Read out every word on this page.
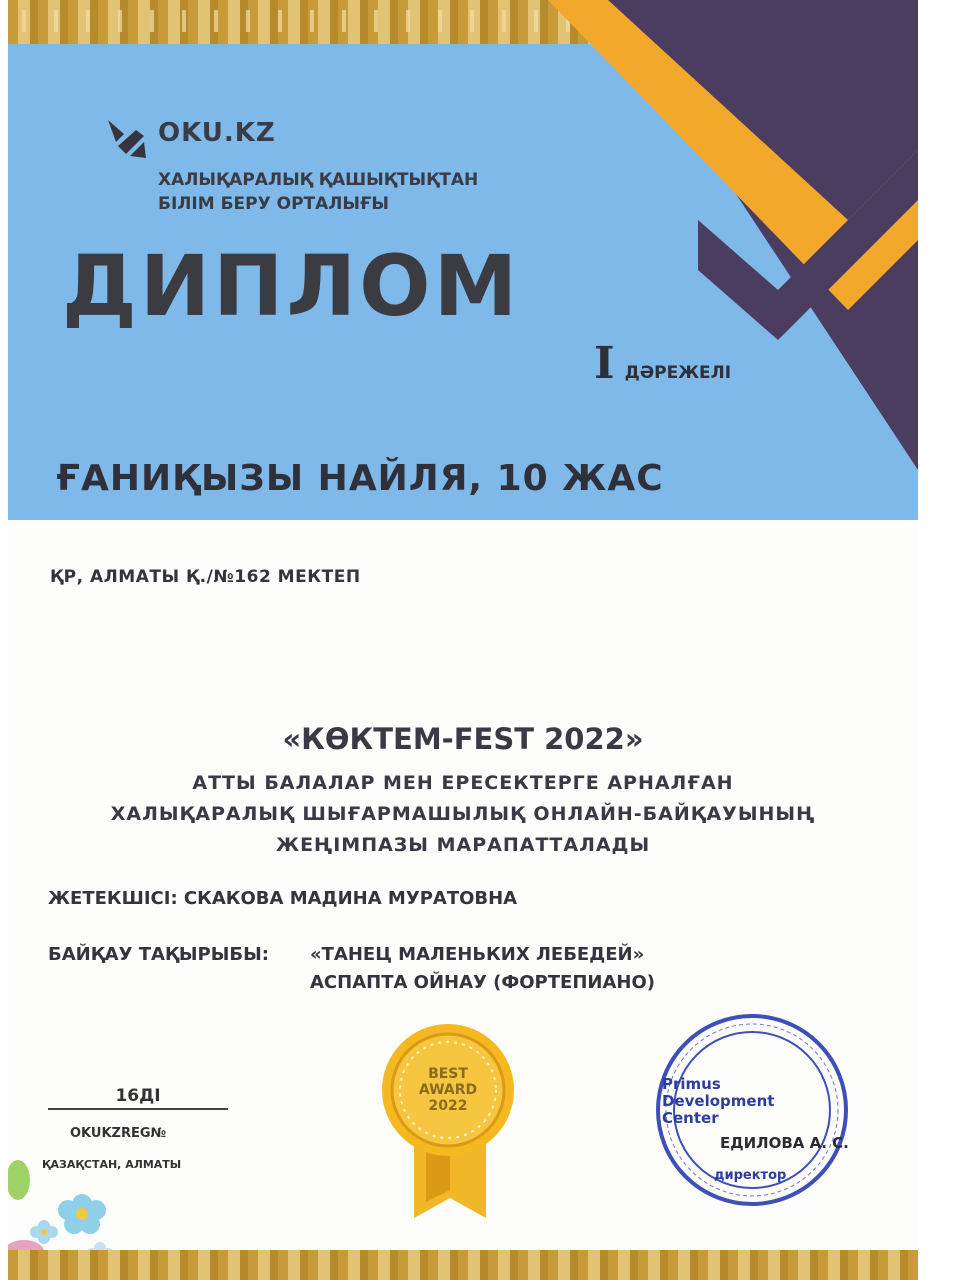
OKU.KZ
ХАЛЫҚАРАЛЫҚ ҚАШЫҚТЫҚТАН
БІЛІМ БЕРУ ОРТАЛЫҒЫ
ДИПЛОМ
IДӘРЕЖЕЛІ
ҒАНИҚЫЗЫ НАЙЛЯ, 10 ЖАС
ҚР, АЛМАТЫ Қ./№162 МЕКТЕП
«КӨКТЕМ-FEST 2022»
АТТЫ БАЛАЛАР МЕН ЕРЕСЕКТЕРГЕ АРНАЛҒАН
ХАЛЫҚАРАЛЫҚ ШЫҒАРМАШЫЛЫҚ ОНЛАЙН-БАЙҚАУЫНЫҢ
ЖЕҢІМПАЗЫ МАРАПАТТАЛАДЫ
ЖЕТЕКШІСІ: СКАКОВА МАДИНА МУРАТОВНА
БАЙҚАУ ТАҚЫРЫБЫ: «ТАНЕЦ МАЛЕНЬКИХ ЛЕБЕДЕЙ»
АСПАПТА ОЙНАУ (ФОРТЕПИАНО)
16ДІ
OKUKZREG№
ҚАЗАҚСТАН, АЛМАТЫ
BEST
AWARD
2022
Primus
Development
Center
ЕДИЛОВА А. С.
директор
